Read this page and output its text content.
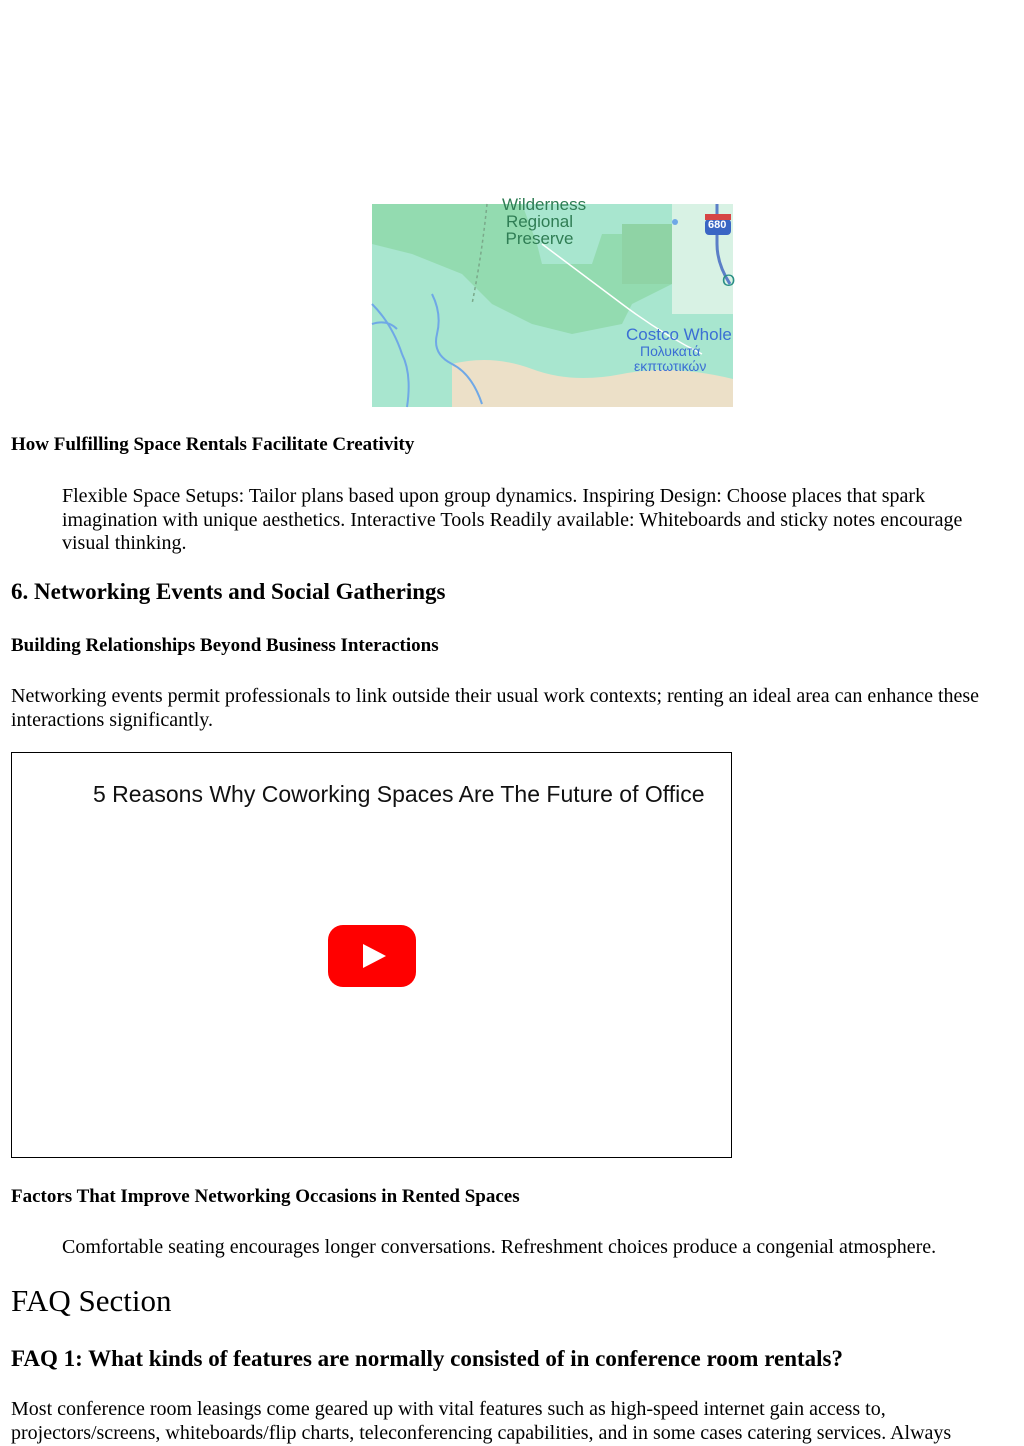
Wilderness
Regional
Preserve
680
O
Costco Whole
Πολυκατά
εκπτωτικών
How Fulfilling Space Rentals Facilitate Creativity

Flexible Space Setups: Tailor plans based upon group dynamics. Inspiring Design: Choose places that spark imagination with unique aesthetics. Interactive Tools Readily available: Whiteboards and sticky notes encourage visual thinking.

6. Networking Events and Social Gatherings
Building Relationships Beyond Business Interactions

Networking events permit professionals to link outside their usual work contexts; renting an ideal area can enhance these interactions significantly.

5 Reasons Why Coworking Spaces Are The Future of Office
Factors That Improve Networking Occasions in Rented Spaces

Comfortable seating encourages longer conversations. Refreshment choices produce a congenial atmosphere.

FAQ Section
FAQ 1: What kinds of features are normally consisted of in conference room rentals?

Most conference room leasings come geared up with vital features such as high-speed internet gain access to, projectors/screens, whiteboards/flip charts, teleconferencing capabilities, and in some cases catering services. Always
